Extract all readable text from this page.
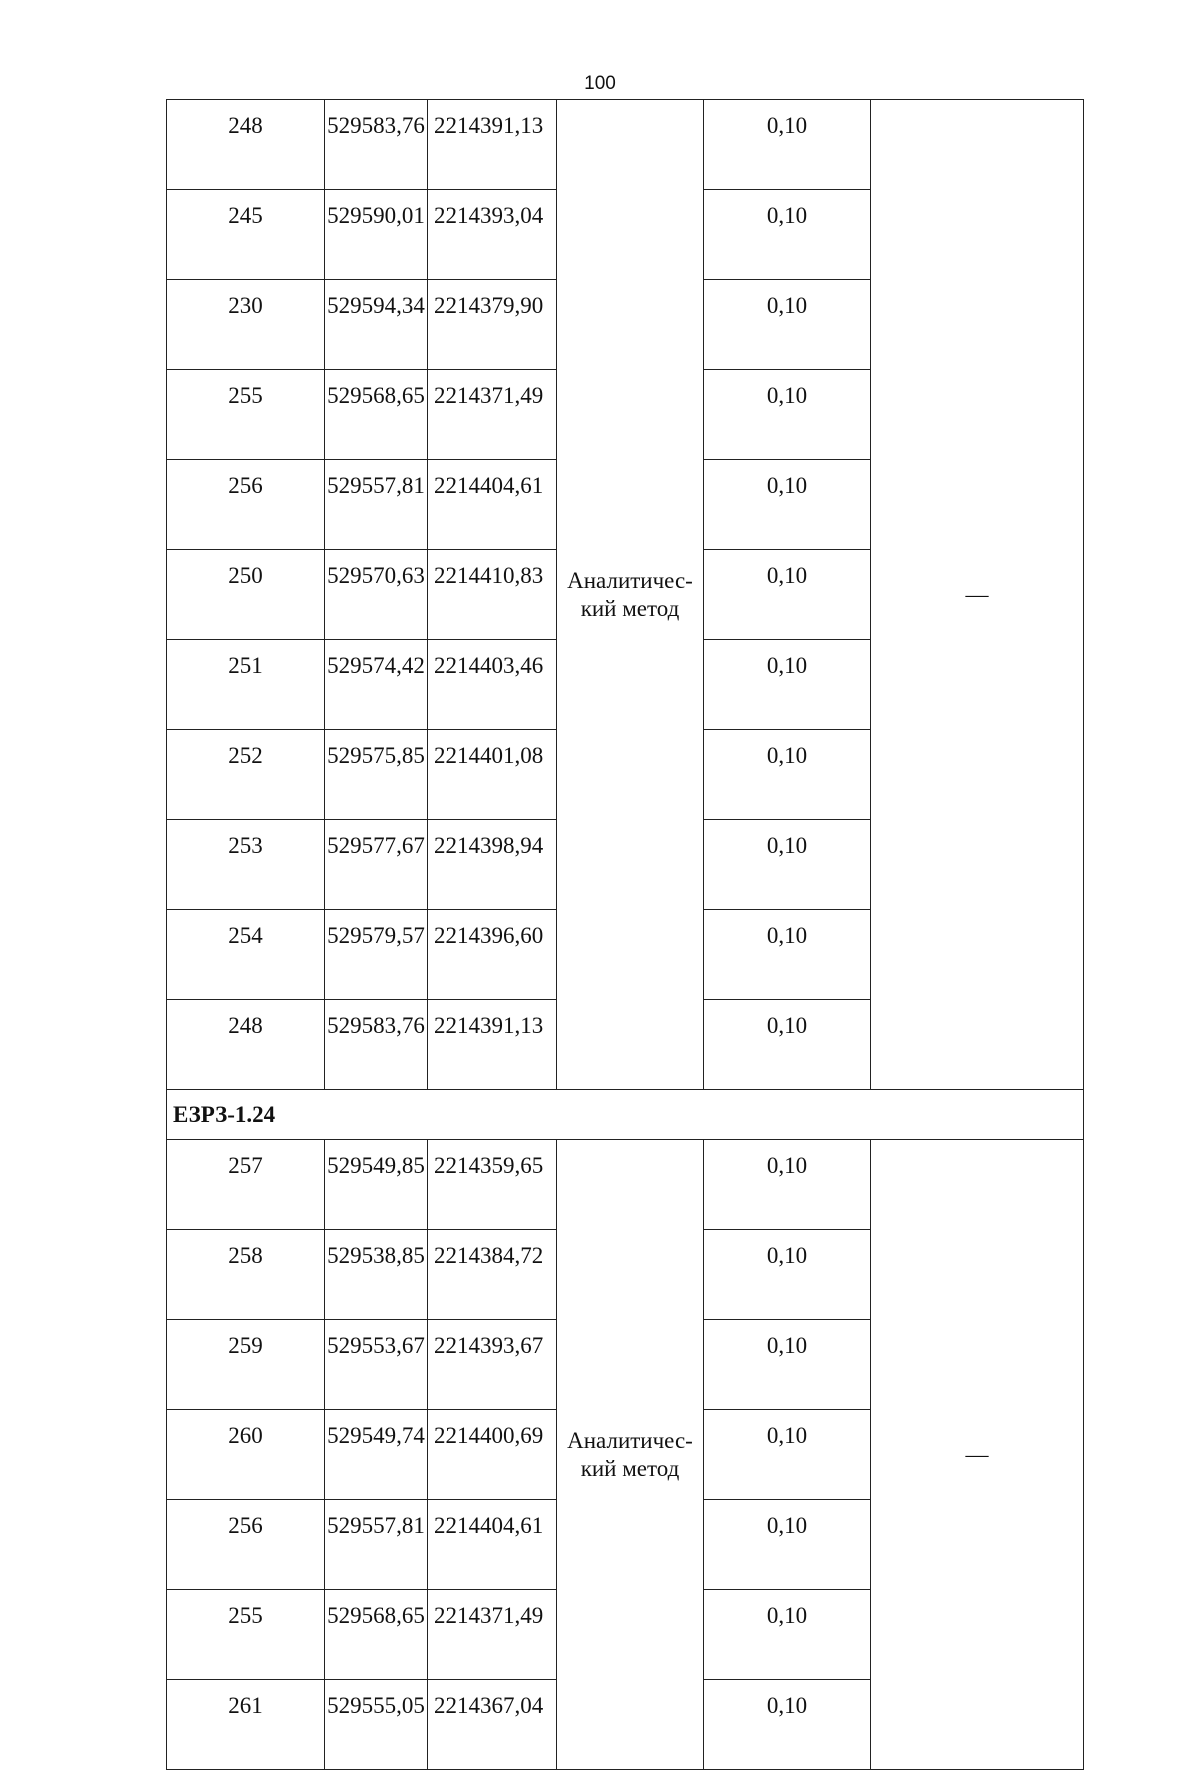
100
248	529583,76	2214391,13	Аналитичес-кий метод	0,10	—
245	529590,01	2214393,04		0,10	
230	529594,34	2214379,90		0,10	
255	529568,65	2214371,49		0,10	
256	529557,81	2214404,61		0,10	
250	529570,63	2214410,83		0,10	
251	529574,42	2214403,46		0,10	
252	529575,85	2214401,08		0,10	
253	529577,67	2214398,94		0,10	
254	529579,57	2214396,60		0,10	
248	529583,76	2214391,13		0,10	
ЕЗРЗ-1.24					
257	529549,85	2214359,65	Аналитичес-кий метод	0,10	—
258	529538,85	2214384,72		0,10	
259	529553,67	2214393,67		0,10	
260	529549,74	2214400,69		0,10	
256	529557,81	2214404,61		0,10	
255	529568,65	2214371,49		0,10	
261	529555,05	2214367,04		0,10	
